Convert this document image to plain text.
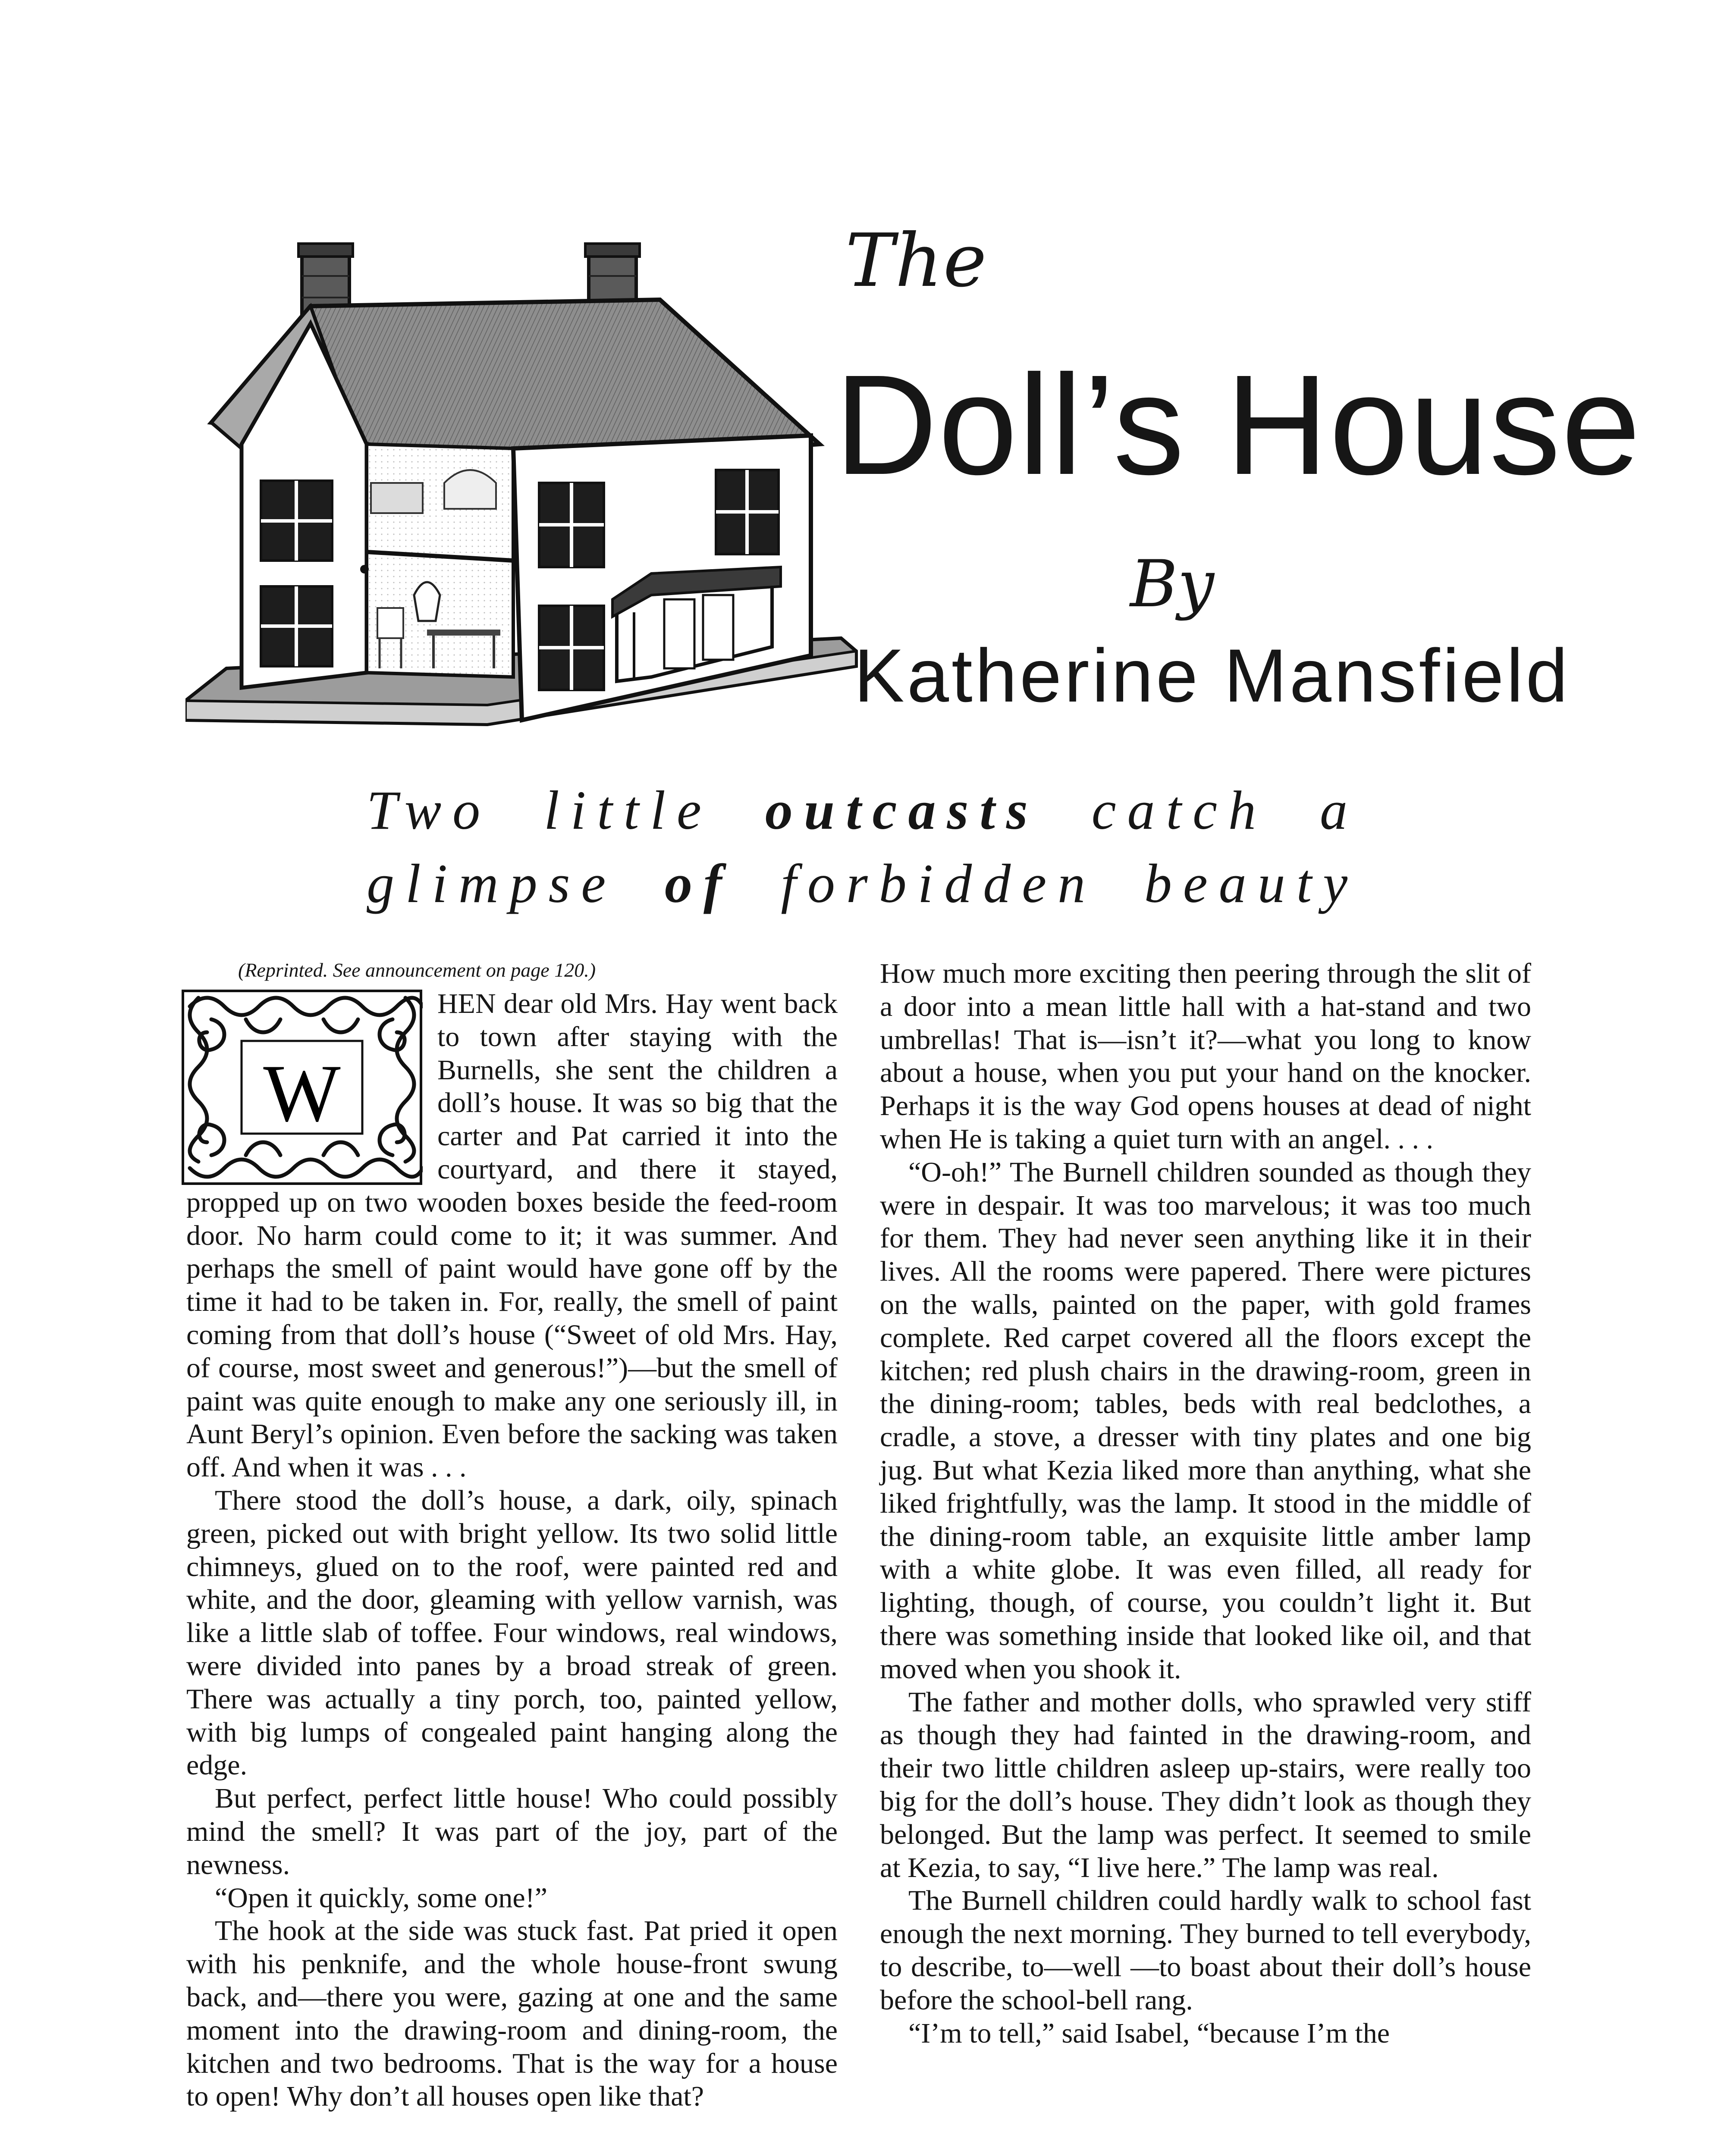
The
Doll’s House
By
Katherine Mansfield
Two little outcasts catch a
glimpse of forbidden beauty

(Reprinted. See announcement on page 120.)

W

HEN dear old Mrs. Hay went back to town after staying with the Burnells, she sent the children a doll’s house. It was so big that the carter and Pat carried it into the courtyard, and there it stayed, propped up on two wooden boxes beside the feed-room door. No harm could come to it; it was summer. And perhaps the smell of paint would have gone off by the time it had to be taken in. For, really, the smell of paint coming from that doll’s house (“Sweet of old Mrs. Hay, of course, most sweet and generous!”)—but the smell of paint was quite enough to make any one seriously ill, in Aunt Beryl’s opinion. Even before the sacking was taken off. And when it was . . .

There stood the doll’s house, a dark, oily, spinach green, picked out with bright yellow. Its two solid little chimneys, glued on to the roof, were painted red and white, and the door, gleaming with yellow varnish, was like a little slab of toffee. Four windows, real windows, were divided into panes by a broad streak of green. There was actually a tiny porch, too, painted yellow, with big lumps of congealed paint hanging along the edge.

But perfect, perfect little house! Who could possibly mind the smell? It was part of the joy, part of the newness.

“Open it quickly, some one!”

The hook at the side was stuck fast. Pat pried it open with his penknife, and the whole house-front swung back, and—there you were, gazing at one and the same moment into the drawing-room and dining-room, the kitchen and two bedrooms. That is the way for a house to open! Why don’t all houses open like that?

How much more exciting then peering through the slit of a door into a mean little hall with a hat-stand and two umbrellas! That is—isn’t it?—what you long to know about a house, when you put your hand on the knocker. Perhaps it is the way God opens houses at dead of night when He is taking a quiet turn with an angel. . . .

“O-oh!” The Burnell children sounded as though they were in despair. It was too marvelous; it was too much for them. They had never seen anything like it in their lives. All the rooms were papered. There were pictures on the walls, painted on the paper, with gold frames complete. Red carpet covered all the floors except the kitchen; red plush chairs in the drawing-room, green in the dining-room; tables, beds with real bedclothes, a cradle, a stove, a dresser with tiny plates and one big jug. But what Kezia liked more than anything, what she liked frightfully, was the lamp. It stood in the middle of the dining-room table, an exquisite little amber lamp with a white globe. It was even filled, all ready for lighting, though, of course, you couldn’t light it. But there was something inside that looked like oil, and that moved when you shook it.

The father and mother dolls, who sprawled very stiff as though they had fainted in the drawing-room, and their two little children asleep up-stairs, were really too big for the doll’s house. They didn’t look as though they belonged. But the lamp was perfect. It seemed to smile at Kezia, to say, “I live here.” The lamp was real.

The Burnell children could hardly walk to school fast enough the next morning. They burned to tell everybody, to describe, to—well —to boast about their doll’s house before the school-bell rang.

“I’m to tell,” said Isabel, “because I’m the
